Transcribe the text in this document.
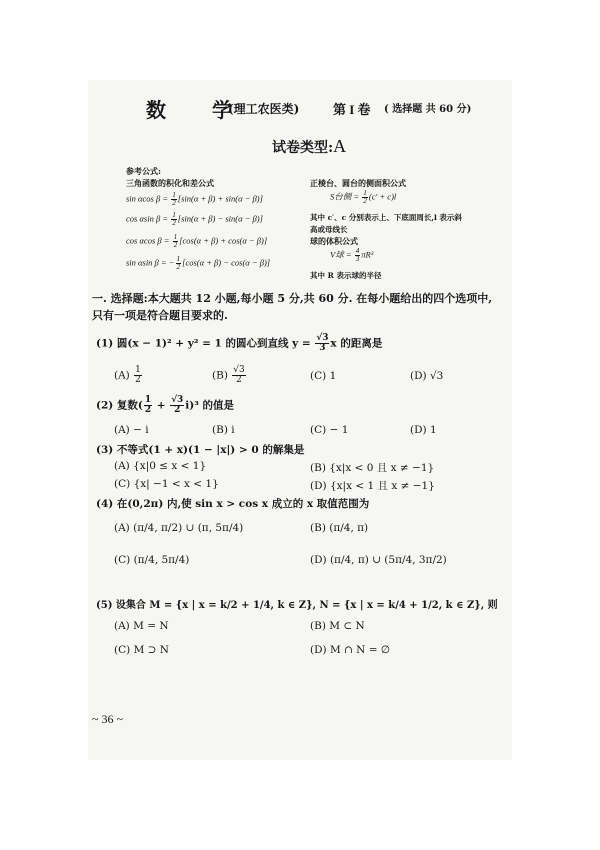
数　　学
(理工农医类)	第 I 卷 ( 选择题 共 60 分)
试卷类型:A
参考公式:
三角函数的积化和差公式
sin αcos $\beta = \frac{1}{2} [\sin(\alpha + \beta) + \sin(\alpha - \beta)]$
cos αsin $\beta = \frac{1}{2} [\sin(\alpha + \beta) - \sin(\alpha - \beta)]$
cos αcos $\beta = \frac{1}{2} [\cos(\alpha + \beta) + \cos(\alpha - \beta)]$
sin αsin β = − $\frac{1}{2} [\cos(\alpha + \beta) - \cos(\alpha - \beta)]$
正棱台、圆台的侧面积公式
S台侧 = $\frac{1}{2} (c' + c)l$
其中 c′、c 分别表示上、下底面周长,l 表示斜
高或母线长
球的体积公式
V球 = $\frac{4}{3} \pi R^3$
其中 R 表示球的半径
一. 选择题:本大题共 12 小题,每小题 5 分,共 60 分. 在每小题给出的四个选项中,只有一项是符合题目要求的.
(1) 圆(x − 1)² + y² = 1 的圆心到直线 $y = \frac{√3}{3}$ x 的距离是
$(A) \frac{1}{2}$	$(B) \frac{√3}{2}$	(C) 1	(D) √3
(2) 复数( $\frac{1}{2} + \frac{√3}{2} i)^3$ 的值是
(A) − i	(B) i	(C) − 1	(D) 1
(3) 不等式(1 + x)(1 − |x|) > 0 的解集是
(A) {x|0 ≤ x < 1}	(B) {x|x < 0 且 x ≠ −1}
(C) {x| −1 < x < 1}	(D) {x|x < 1 且 x ≠ −1}
(4) 在(0,2π) 内,使 sin x > cos x 成立的 x 取值范围为
(A) (π/4, π/2) ∪ (π, 5π/4)	(B) (π/4, π)
(C) (π/4, 5π/4)	(D) (π/4, π) ∪ (5π/4, 3π/2)
(5) 设集合 M = {x | x = k/2 + 1/4, k ∈ Z}, N = {x | x = k/4 + 1/2, k ∈ Z}, 则
(A) M = N	(B) M ⊂ N
(C) M ⊃ N	(D) M ∩ N = ∅
~ 36 ~
